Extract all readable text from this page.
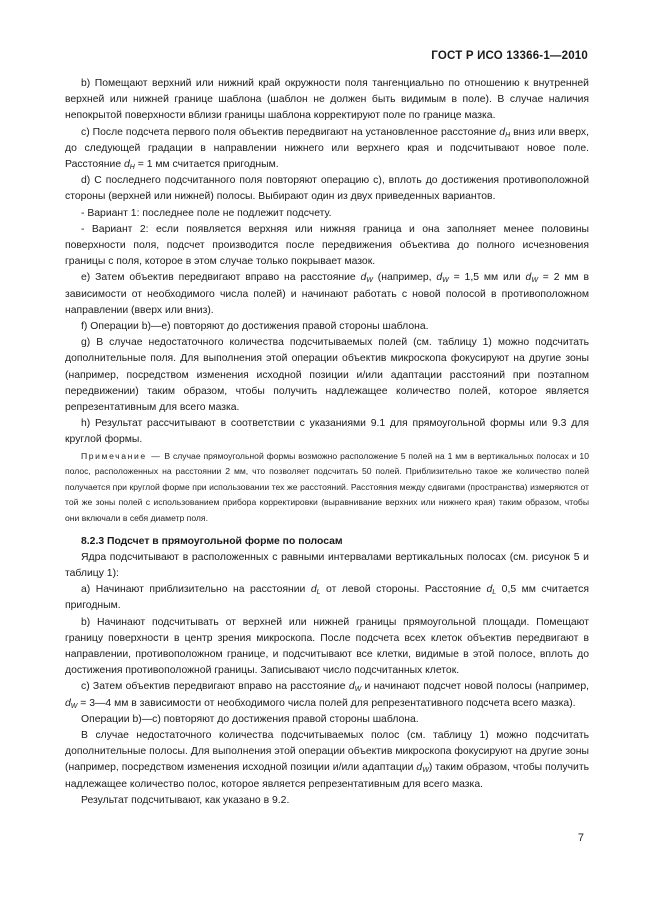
ГОСТ Р ИСО 13366-1—2010

b) Помещают верхний или нижний край окружности поля тангенциально по отношению к внутренней верхней или нижней границе шаблона (шаблон не должен быть видимым в поле). В случае наличия непокрытой поверхности вблизи границы шаблона корректируют поле по границе мазка.

c) После подсчета первого поля объектив передвигают на установленное расстояние $d_H$ вниз или вверх, до следующей градации в направлении нижнего или верхнего края и подсчитывают новое поле. Расстояние $d_H = 1$ мм считается пригодным.

d) С последнего подсчитанного поля повторяют операцию с), вплоть до достижения противоположной стороны (верхней или нижней) полосы. Выбирают один из двух приведенных вариантов.

- Вариант 1: последнее поле не подлежит подсчету.

- Вариант 2: если появляется верхняя или нижняя граница и она заполняет менее половины поверхности поля, подсчет производится после передвижения объектива до полного исчезновения границы с поля, которое в этом случае только покрывает мазок.

e) Затем объектив передвигают вправо на расстояние $d_W$ (например, $d_W = 1,5$ мм или $d_W = 2$ мм в зависимости от необходимого числа полей) и начинают работать с новой полосой в противоположном направлении (вверх или вниз).

f) Операции b)—e) повторяют до достижения правой стороны шаблона.

g) В случае недостаточного количества подсчитываемых полей (см. таблицу 1) можно подсчитать дополнительные поля. Для выполнения этой операции объектив микроскопа фокусируют на другие зоны (например, посредством изменения исходной позиции и/или адаптации расстояний при поэтапном передвижении) таким образом, чтобы получить надлежащее количество полей, которое является репрезентативным для всего мазка.

h) Результат рассчитывают в соответствии с указаниями 9.1 для прямоугольной формы или 9.3 для круглой формы.

Примечание — В случае прямоугольной формы возможно расположение 5 полей на 1 мм в вертикальных полосах и 10 полос, расположенных на расстоянии 2 мм, что позволяет подсчитать 50 полей. Приблизительно такое же количество полей получается при круглой форме при использовании тех же расстояний. Расстояния между сдвигами (пространства) измеряются от той же зоны полей с использованием прибора корректировки (выравнивание верхних или нижнего края) таким образом, чтобы они включали в себя диаметр поля.

8.2.3 Подсчет в прямоугольной форме по полосам

Ядра подсчитывают в расположенных с равными интервалами вертикальных полосах (см. рисунок 5 и таблицу 1):

a) Начинают приблизительно на расстоянии $d_L$ от левой стороны. Расстояние $d_L$ 0,5 мм считается пригодным.

b) Начинают подсчитывать от верхней или нижней границы прямоугольной площади. Помещают границу поверхности в центр зрения микроскопа. После подсчета всех клеток объектив передвигают в направлении, противоположном границе, и подсчитывают все клетки, видимые в этой полосе, вплоть до достижения противоположной границы. Записывают число подсчитанных клеток.

c) Затем объектив передвигают вправо на расстояние $d_W$ и начинают подсчет новой полосы (например, $d_W$ = 3—4 мм в зависимости от необходимого числа полей для репрезентативного подсчета всего мазка).

Операции b)—c) повторяют до достижения правой стороны шаблона.

В случае недостаточного количества подсчитываемых полос (см. таблицу 1) можно подсчитать дополнительные полосы. Для выполнения этой операции объектив микроскопа фокусируют на другие зоны (например, посредством изменения исходной позиции и/или адаптации $d_W$) таким образом, чтобы получить надлежащее количество полос, которое является репрезентативным для всего мазка.

Результат подсчитывают, как указано в 9.2.

7
